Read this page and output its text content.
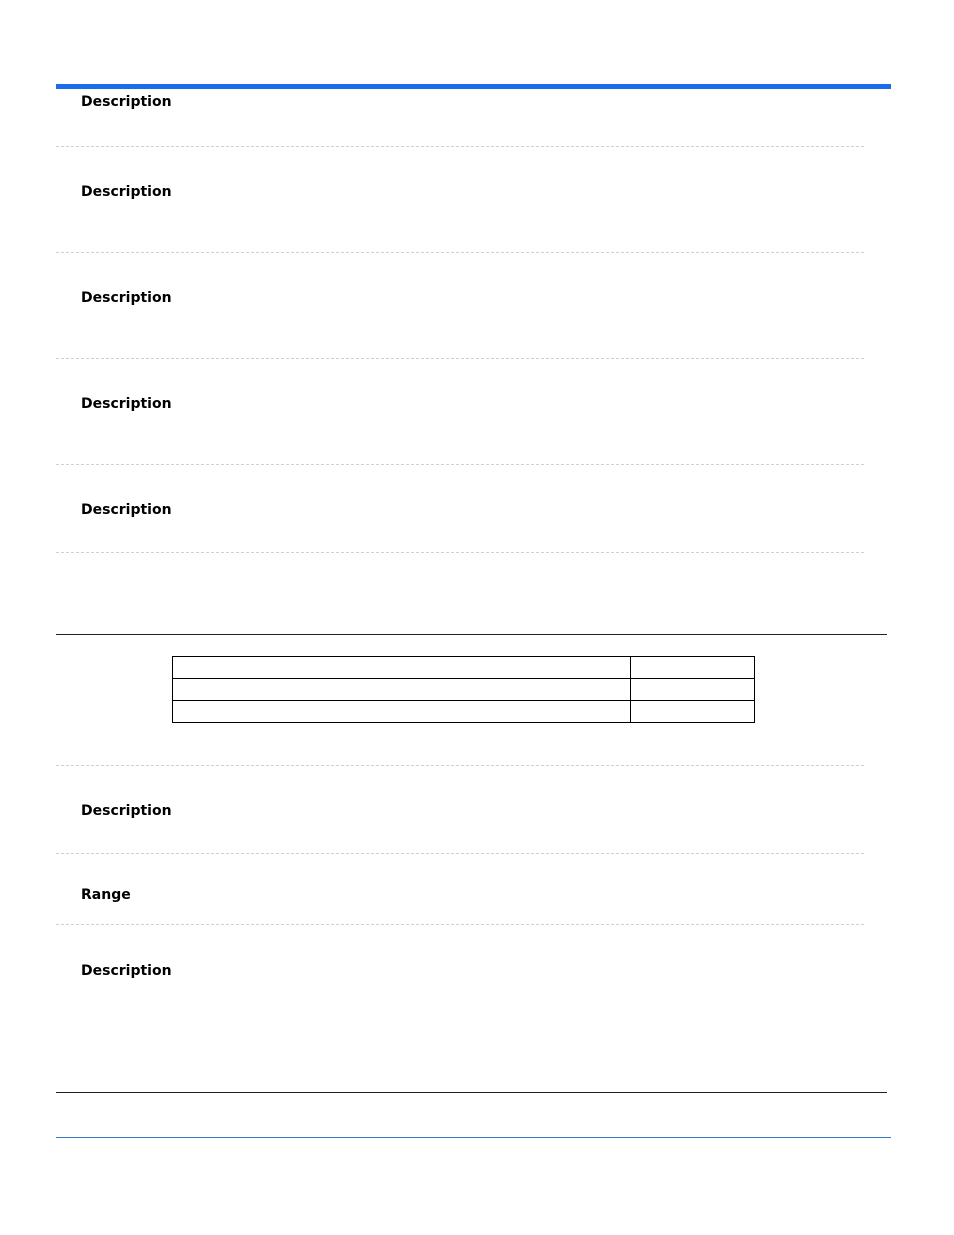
Description
Description
Description
Description
Description

Description
Range
Description
